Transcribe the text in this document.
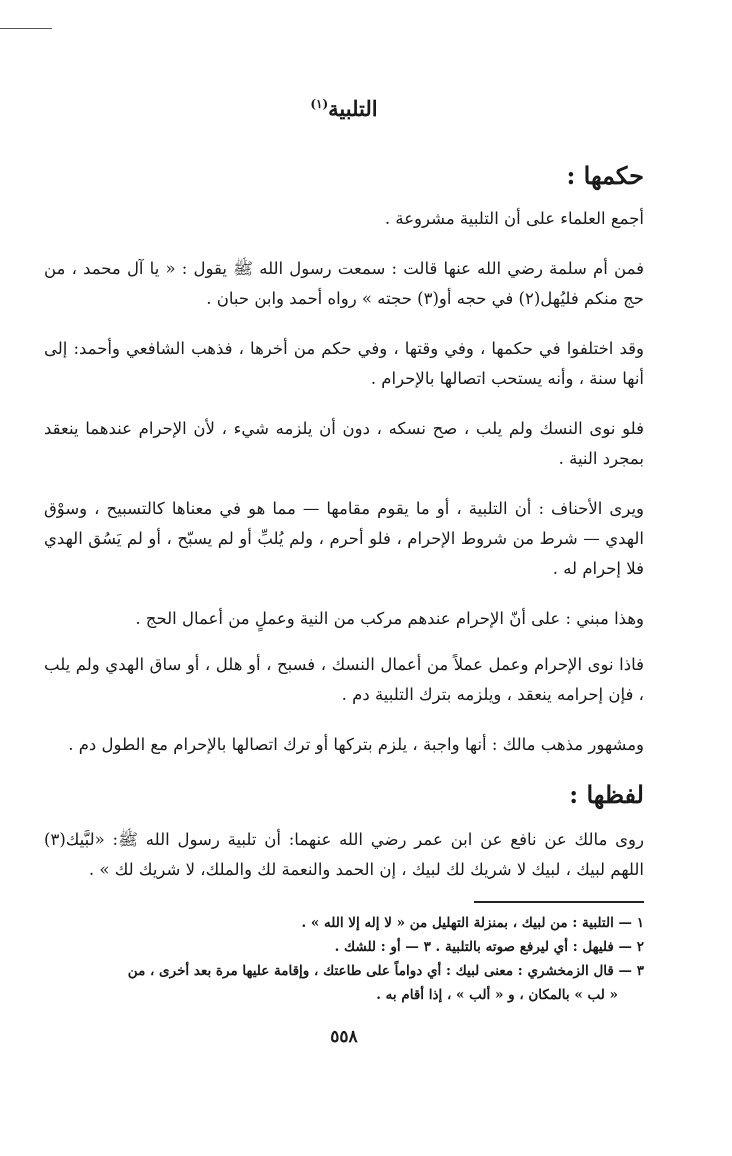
التلبية$^{(١)}$
حكمها :

أجمع العلماء على أن التلبية مشروعة .

فمن أم سلمة رضي الله عنها قالت : سمعت رسول الله ﷺ يقول : « يا آل محمد ، من حج منكم فليُهل(٢) في حجه أو(٣) حجته » رواه أحمد وابن حبان .

وقد اختلفوا في حكمها ، وفي وقتها ، وفي حكم من أخرها ، فذهب الشافعي وأحمد: إلى أنها سنة ، وأنه يستحب اتصالها بالإحرام .

فلو نوى النسك ولم يلب ، صح نسكه ، دون أن يلزمه شيء ، لأن الإحرام عندهما ينعقد بمجرد النية .

ويرى الأحناف : أن التلبية ، أو ما يقوم مقامها — مما هو في معناها كالتسبيح ، وسوْق الهدي — شرط من شروط الإحرام ، فلو أحرم ، ولم يُلبِّ أو لم يسبّح ، أو لم يَسُق الهدي فلا إحرام له .

وهذا مبني : على أنّ الإحرام عندهم مركب من النية وعملٍ من أعمال الحج .

فاذا نوى الإحرام وعمل عملاً من أعمال النسك ، فسبح ، أو هلل ، أو ساق الهدي ولم يلب ، فإن إحرامه ينعقد ، ويلزمه بترك التلبية دم .

ومشهور مذهب مالك : أنها واجبة ، يلزم بتركها أو ترك اتصالها بالإحرام مع الطول دم .

لفظها :

روى مالك عن نافع عن ابن عمر رضي الله عنهما: أن تلبية رسول الله ﷺ: «لبَّيك(٣) اللهم لبيك ، لبيك لا شريك لك لبيك ، إن الحمد والنعمة لك والملك، لا شريك لك » .

١ — التلبية : من لبيك ، بمنزلة التهليل من « لا إله إلا الله » .

٢ — فليهل : أي ليرفع صوته بالتلبية . ٣ — أو : للشك .

٣ — قال الزمخشري : معنى لبيك : أي دواماً على طاعتك ، وإقامة عليها مرة بعد أخرى ، من

« لب » بالمكان ، و « ألب » ، إذا أقام به .

٥٥٨
